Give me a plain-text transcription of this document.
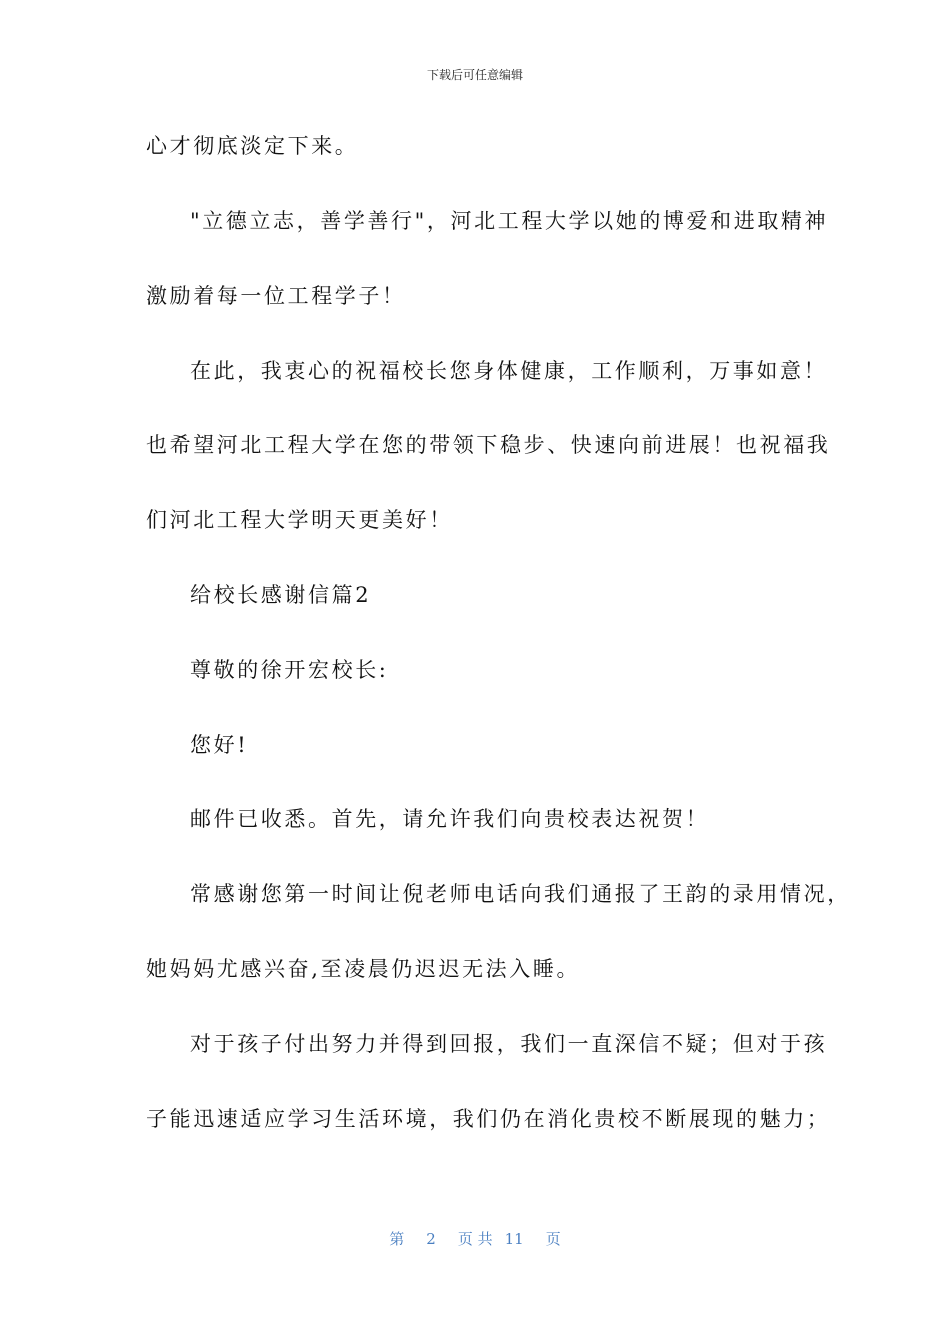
下载后可任意编辑
心才彻底淡定下来。
"立德立志，善学善行"，河北工程大学以她的博爱和进取精神
激励着每一位工程学子！
在此，我衷心的祝福校长您身体健康，工作顺利，万事如意！
也希望河北工程大学在您的带领下稳步、快速向前进展！也祝福我
们河北工程大学明天更美好！
给校长感谢信篇2
尊敬的徐开宏校长:
您好!
邮件已收悉。首先，请允许我们向贵校表达祝贺！
常感谢您第一时间让倪老师电话向我们通报了王韵的录用情况，
她妈妈尤感兴奋,至凌晨仍迟迟无法入睡。
对于孩子付出努力并得到回报，我们一直深信不疑；但对于孩
子能迅速适应学习生活环境，我们仍在消化贵校不断展现的魅力；
第 2 页 共 11 页
